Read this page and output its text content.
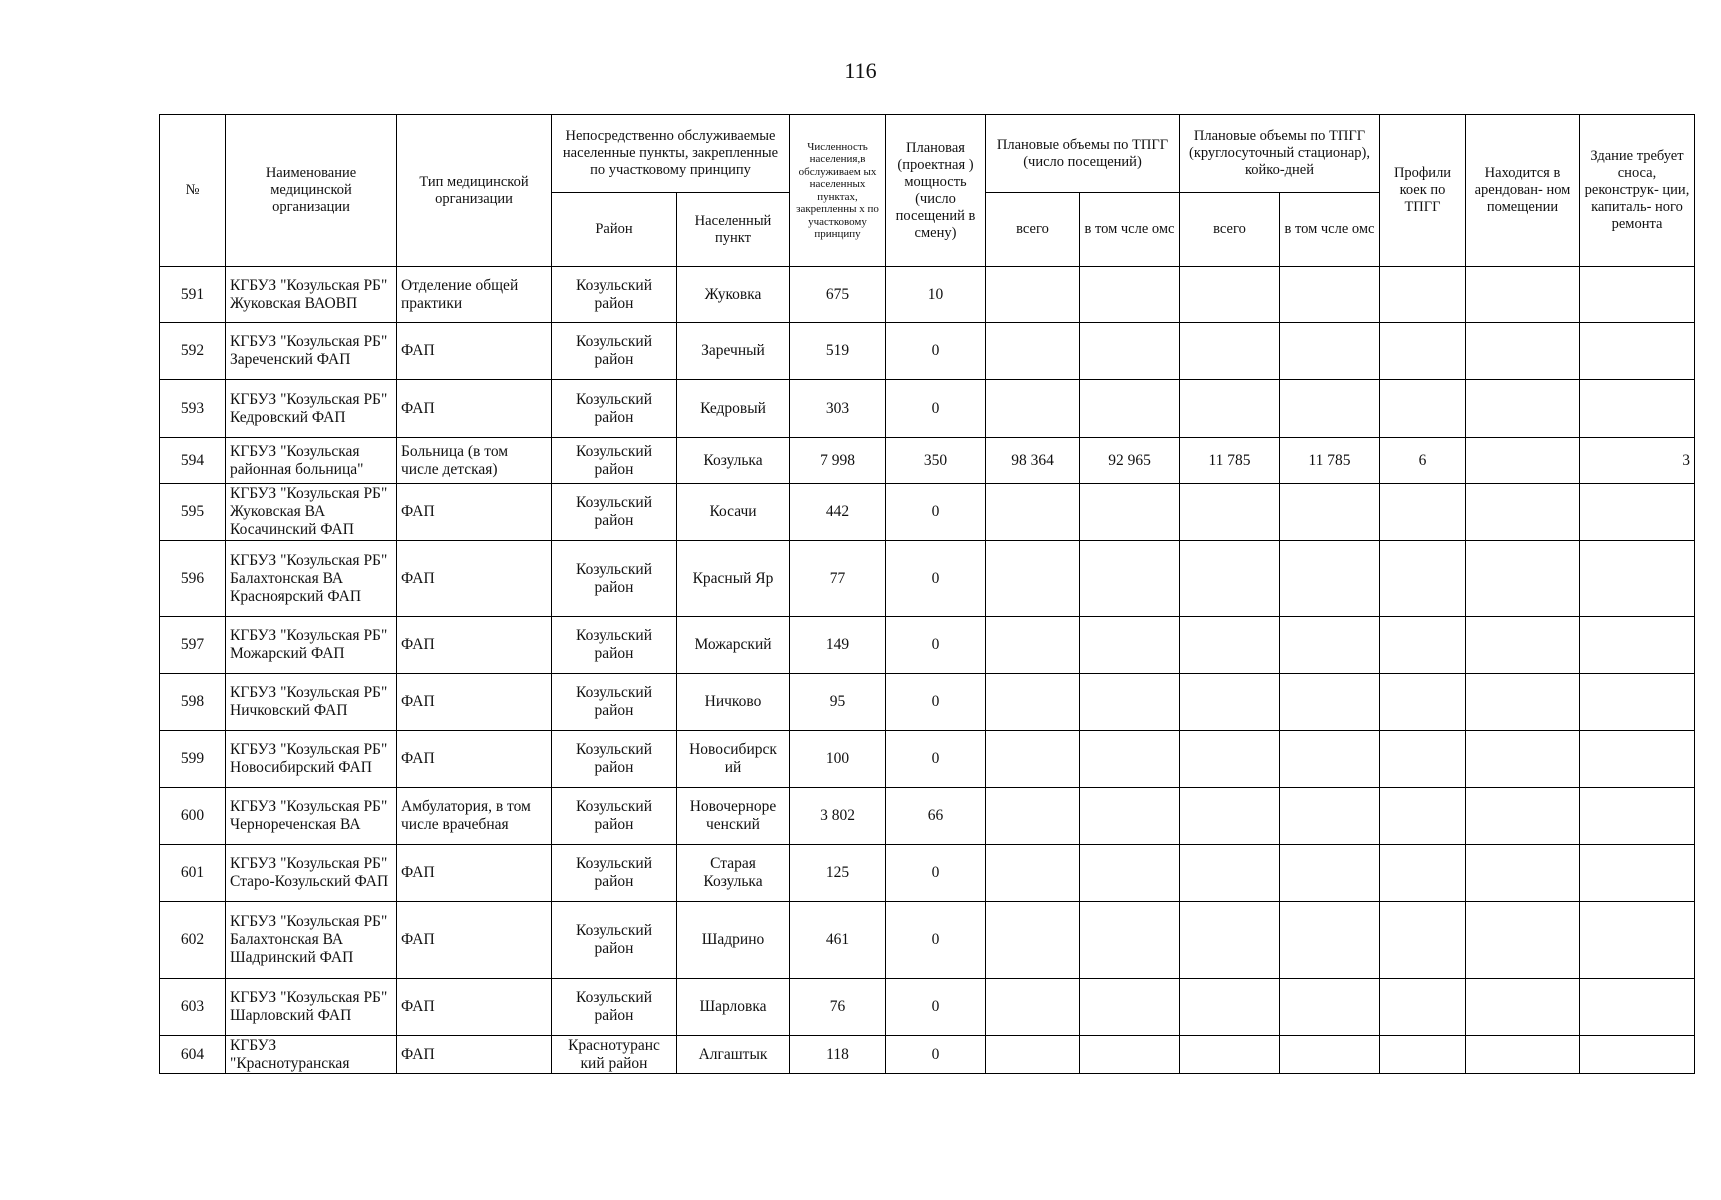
116
№	Наименование медицинской организации	Тип медицинской организации	Непосредственно обслуживаемые населенные пункты, закрепленные по участковому принципу		Численность населения,в обслуживаем ых населенных пунктах, закрепленны х по участковому принципу	Плановая (проектная ) мощность (число посещений в смену)	Плановые объемы по ТПГГ (число посещений)		Плановые объемы по ТПГГ (круглосуточный стационар), койко-дней		Профили коек по ТПГГ	Находится в арендован- ном помещении	Здание требует сноса, реконструк- ции, капиталь- ного ремонта
			Район	Населенный пункт			всего	в том чсле омс	всего	в том чсле омс			
591	КГБУЗ "Козульская РБ" Жуковская ВАОВП	Отделение общей практики	Козульский район	Жуковка	675	10							
592	КГБУЗ "Козульская РБ" Зареченский ФАП	ФАП	Козульский район	Заречный	519	0							
593	КГБУЗ "Козульская РБ" Кедровский ФАП	ФАП	Козульский район	Кедровый	303	0							
594	КГБУЗ "Козульская районная больница"	Больница (в том числе детская)	Козульский район	Козулька	7 998	350	98 364	92 965	11 785	11 785	6		3
595	КГБУЗ "Козульская РБ" Жуковская ВА Косачинский ФАП	ФАП	Козульский район	Косачи	442	0							
596	КГБУЗ "Козульская РБ" Балахтонская ВА Красноярский ФАП	ФАП	Козульский район	Красный Яр	77	0							
597	КГБУЗ "Козульская РБ" Можарский ФАП	ФАП	Козульский район	Можарский	149	0							
598	КГБУЗ "Козульская РБ" Ничковский ФАП	ФАП	Козульский район	Ничково	95	0							
599	КГБУЗ "Козульская РБ" Новосибирский ФАП	ФАП	Козульский район	Новосибирск ий	100	0							
600	КГБУЗ "Козульская РБ" Чернореченская ВА	Амбулатория, в том числе врачебная	Козульский район	Новочерноре ченский	3 802	66							
601	КГБУЗ "Козульская РБ" Старо-Козульский ФАП	ФАП	Козульский район	Старая Козулька	125	0							
602	КГБУЗ "Козульская РБ" Балахтонская ВА Шадринский ФАП	ФАП	Козульский район	Шадрино	461	0							
603	КГБУЗ "Козульская РБ" Шарловский ФАП	ФАП	Козульский район	Шарловка	76	0							
604	КГБУЗ "Краснотуранская	ФАП	Краснотуранс кий район	Алгаштык	118	0							
